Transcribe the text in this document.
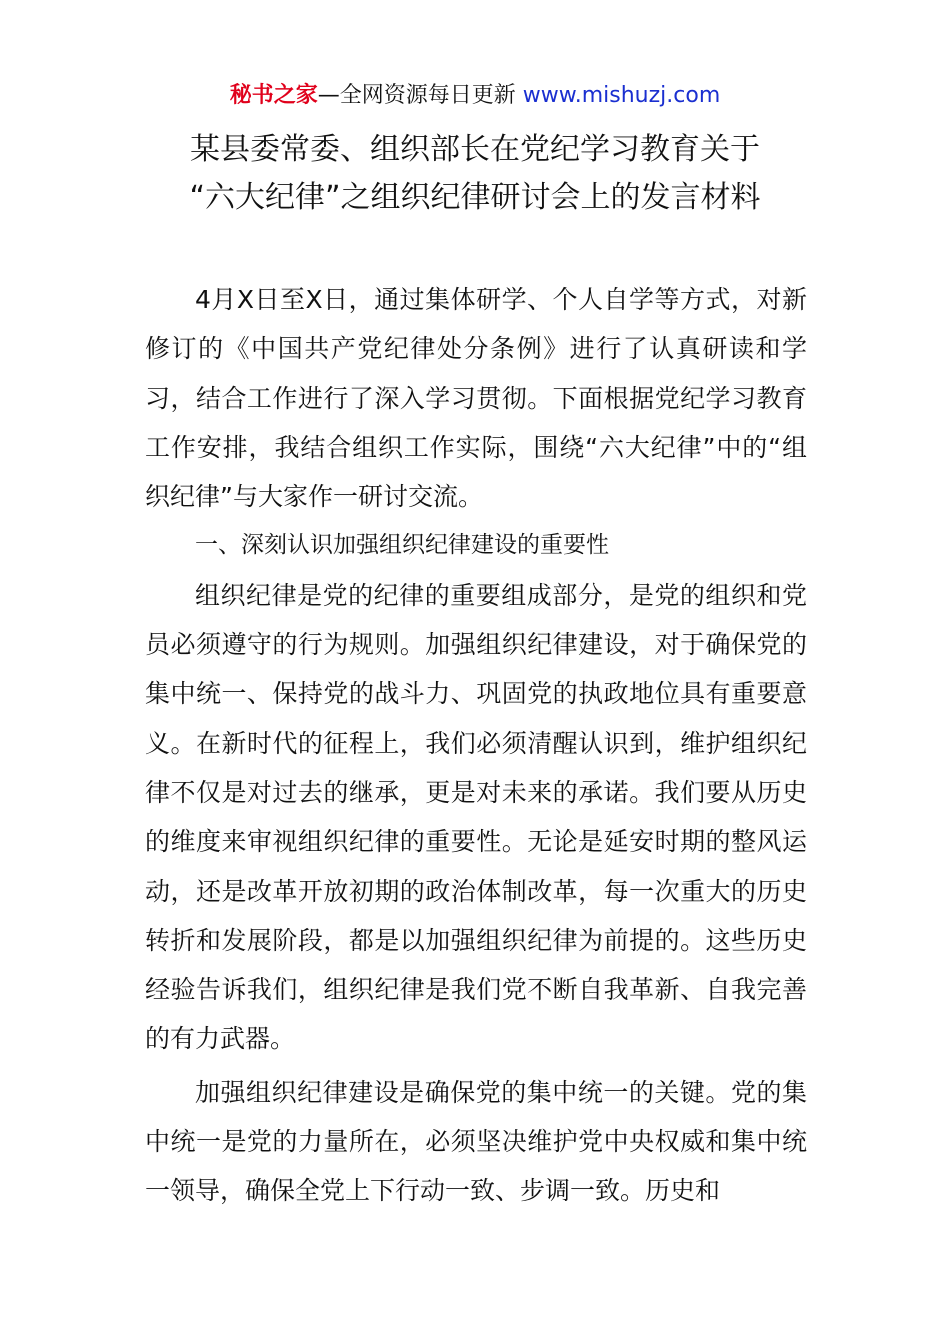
秘书之家—全网资源每日更新 www.mishuzj.com
某县委常委、组织部长在党纪学习教育关于
“六大纪律”之组织纪律研讨会上的发言材料

4月X日至X日，通过集体研学、个人自学等方式，对新修订的《中国共产党纪律处分条例》进行了认真研读和学习，结合工作进行了深入学习贯彻。下面根据党纪学习教育工作安排，我结合组织工作实际，围绕“六大纪律”中的“组织纪律”与大家作一研讨交流。

一、深刻认识加强组织纪律建设的重要性

组织纪律是党的纪律的重要组成部分，是党的组织和党员必须遵守的行为规则。加强组织纪律建设，对于确保党的集中统一、保持党的战斗力、巩固党的执政地位具有重要意义。在新时代的征程上，我们必须清醒认识到，维护组织纪律不仅是对过去的继承，更是对未来的承诺。我们要从历史的维度来审视组织纪律的重要性。无论是延安时期的整风运动，还是改革开放初期的政治体制改革，每一次重大的历史转折和发展阶段，都是以加强组织纪律为前提的。这些历史经验告诉我们，组织纪律是我们党不断自我革新、自我完善的有力武器。

加强组织纪律建设是确保党的集中统一的关键。党的集中统一是党的力量所在，必须坚决维护党中央权威和集中统一领导，确保全党上下行动一致、步调一致。历史和
